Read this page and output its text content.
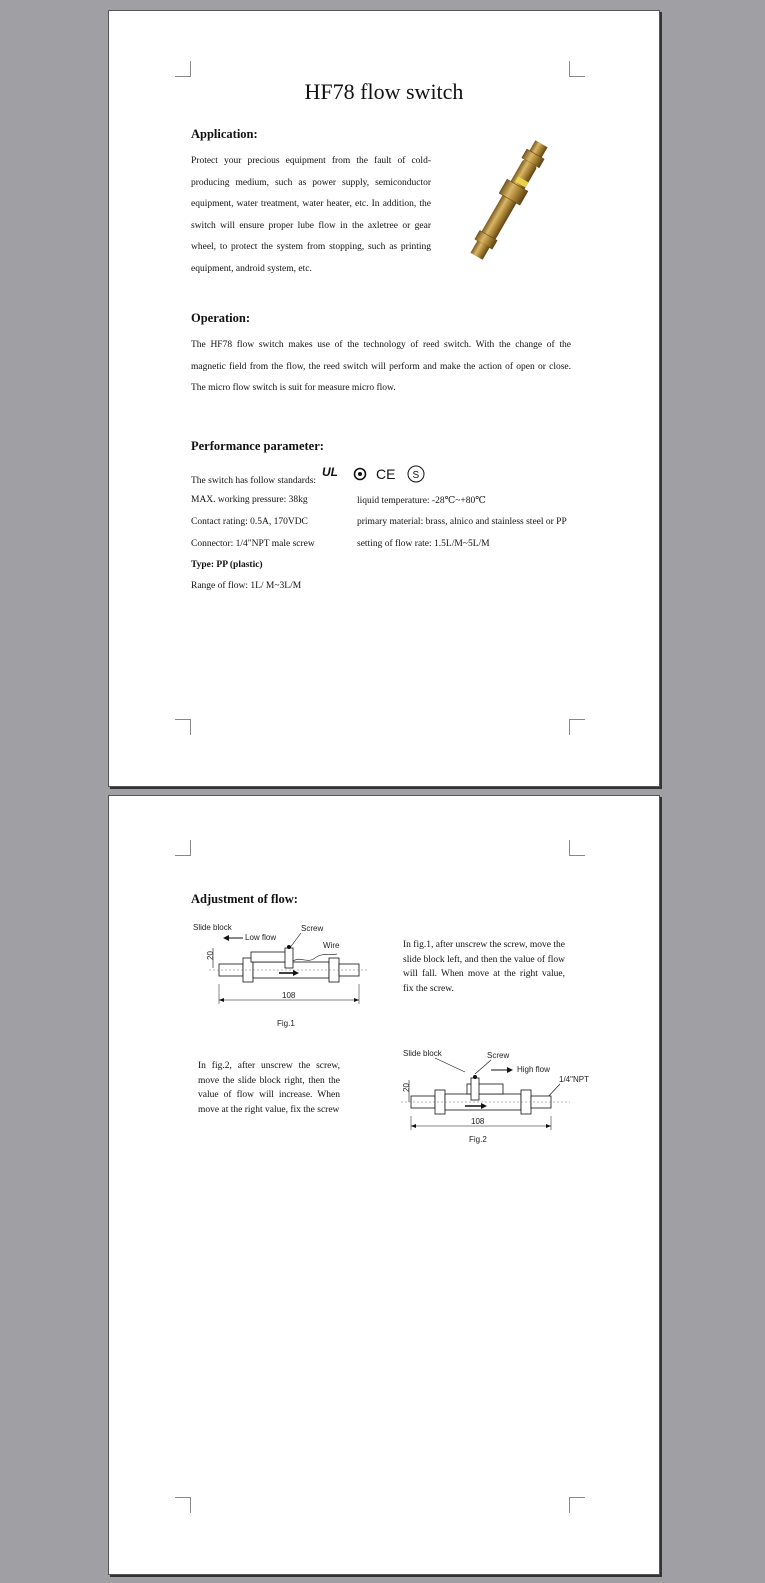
HF78 flow switch
Application:
Protect your precious equipment from the fault of cold-producing medium, such as power supply, semiconductor equipment, water treatment, water heater, etc. In addition, the switch will ensure proper lube flow in the axletree or gear wheel, to protect the system from stopping, such as printing equipment, android system, etc.
Operation:
The HF78 flow switch makes use of the technology of reed switch. With the change of the magnetic field from the flow, the reed switch will perform and make the action of open or close. The micro flow switch is suit for measure micro flow.
Performance parameter:
The switch has follow standards:
UL	CE S
MAX. working pressure: 38kg	liquid temperature: -28℃~+80℃
Contact rating: 0.5A, 170VDC	primary material: brass, alnico and stainless steel or PP
Connector: 1/4"NPT male screw	setting of flow rate: 1.5L/M~5L/M
Type: PP (plastic)
Range of flow: 1L/ M~3L/M
Adjustment of flow:
Slide block
Low flow
Screw
Wire
20
108
Fig.1
In fig.1, after unscrew the screw, move the slide block left, and then the value of flow will fall. When move at the right value, fix the screw.
In fig.2, after unscrew the screw, move the slide block right, then the value of flow will increase. When move at the right value, fix the screw
Slide block	Screw
High flow
1/4"NPT
20
108
Fig.2
